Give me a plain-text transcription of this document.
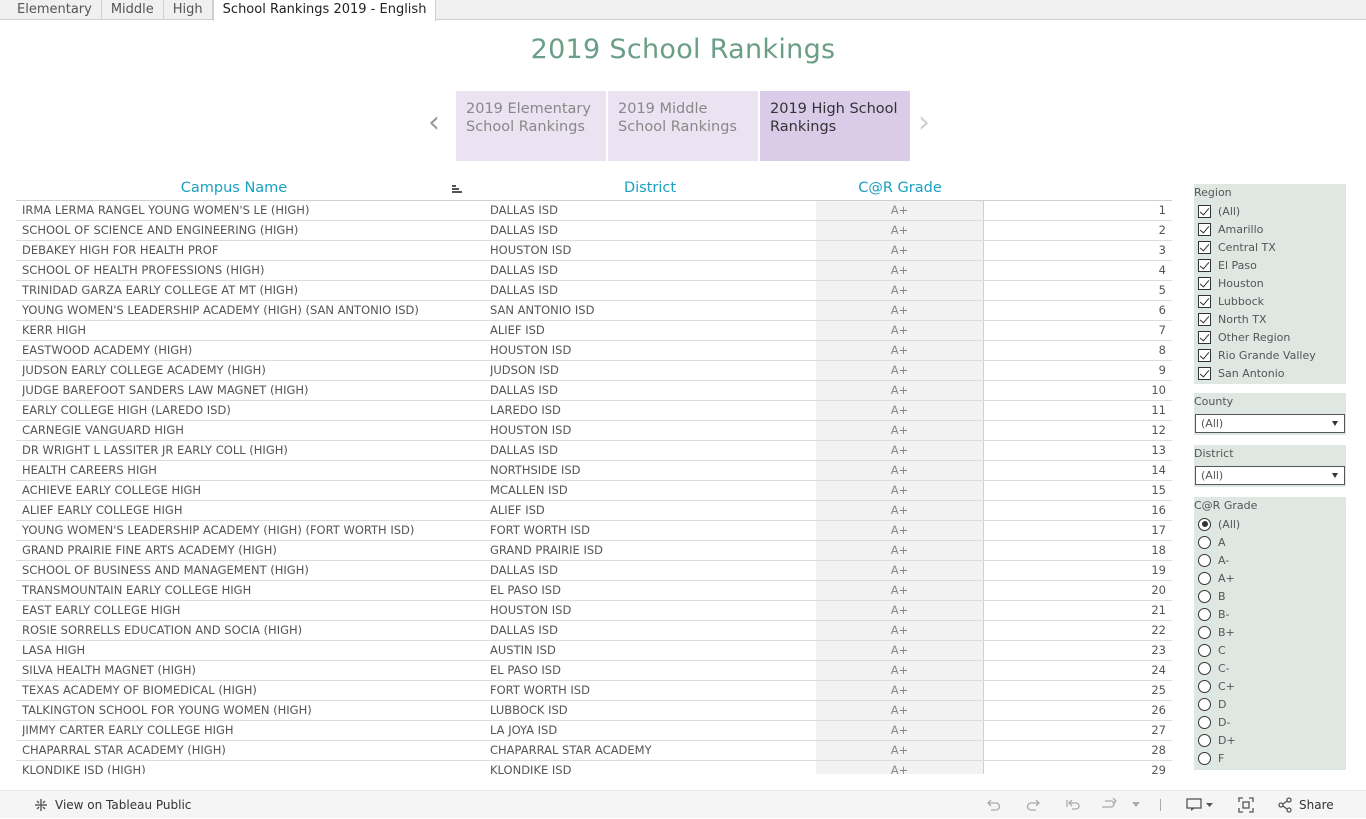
Elementary	Middle	High	School Rankings 2019 - English
2019 School Rankings
‹	2019 Elementary School Rankings
2019 Middle School Rankings
2019 High School Rankings	›
Campus Name	District	C@R Grade
IRMA LERMA RANGEL YOUNG WOMEN'S LE (HIGH)	DALLAS ISD	A+	1
SCHOOL OF SCIENCE AND ENGINEERING (HIGH)	DALLAS ISD	A+	2
DEBAKEY HIGH FOR HEALTH PROF	HOUSTON ISD	A+	3
SCHOOL OF HEALTH PROFESSIONS (HIGH)	DALLAS ISD	A+	4
TRINIDAD GARZA EARLY COLLEGE AT MT (HIGH)	DALLAS ISD	A+	5
YOUNG WOMEN'S LEADERSHIP ACADEMY (HIGH) (SAN ANTONIO ISD)	SAN ANTONIO ISD	A+	6
KERR HIGH	ALIEF ISD	A+	7
EASTWOOD ACADEMY (HIGH)	HOUSTON ISD	A+	8
JUDSON EARLY COLLEGE ACADEMY (HIGH)	JUDSON ISD	A+	9
JUDGE BAREFOOT SANDERS LAW MAGNET (HIGH)	DALLAS ISD	A+	10
EARLY COLLEGE HIGH (LAREDO ISD)	LAREDO ISD	A+	11
CARNEGIE VANGUARD HIGH	HOUSTON ISD	A+	12
DR WRIGHT L LASSITER JR EARLY COLL (HIGH)	DALLAS ISD	A+	13
HEALTH CAREERS HIGH	NORTHSIDE ISD	A+	14
ACHIEVE EARLY COLLEGE HIGH	MCALLEN ISD	A+	15
ALIEF EARLY COLLEGE HIGH	ALIEF ISD	A+	16
YOUNG WOMEN'S LEADERSHIP ACADEMY (HIGH) (FORT WORTH ISD)	FORT WORTH ISD	A+	17
GRAND PRAIRIE FINE ARTS ACADEMY (HIGH)	GRAND PRAIRIE ISD	A+	18
SCHOOL OF BUSINESS AND MANAGEMENT (HIGH)	DALLAS ISD	A+	19
TRANSMOUNTAIN EARLY COLLEGE HIGH	EL PASO ISD	A+	20
EAST EARLY COLLEGE HIGH	HOUSTON ISD	A+	21
ROSIE SORRELLS EDUCATION AND SOCIA (HIGH)	DALLAS ISD	A+	22
LASA HIGH	AUSTIN ISD	A+	23
SILVA HEALTH MAGNET (HIGH)	EL PASO ISD	A+	24
TEXAS ACADEMY OF BIOMEDICAL (HIGH)	FORT WORTH ISD	A+	25
TALKINGTON SCHOOL FOR YOUNG WOMEN (HIGH)	LUBBOCK ISD	A+	26
JIMMY CARTER EARLY COLLEGE HIGH	LA JOYA ISD	A+	27
CHAPARRAL STAR ACADEMY (HIGH)	CHAPARRAL STAR ACADEMY	A+	28
KLONDIKE ISD (HIGH)	KLONDIKE ISD	A+	29
Region
(All)
Amarillo
Central TX
El Paso
Houston
Lubbock
North TX
Other Region
Rio Grande Valley
San Antonio
County
(All)
District
(All)
C@R Grade
(All)
A
A-
A+
B
B-
B+
C
C-
C+
D
D-
D+
F
View on Tableau Public	Share
